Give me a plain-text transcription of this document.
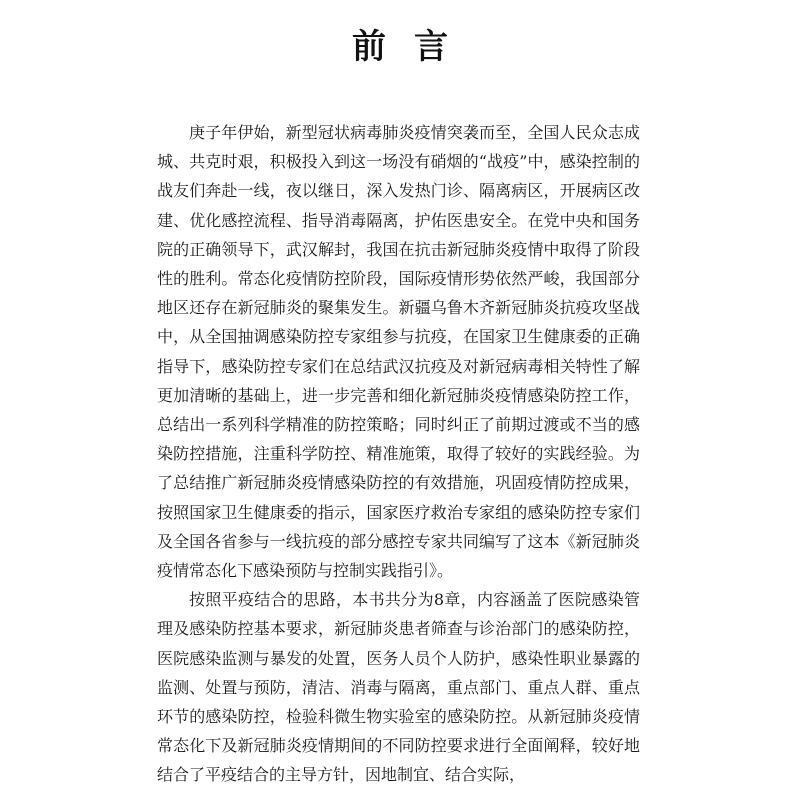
前言

庚子年伊始，新型冠状病毒肺炎疫情突袭而至，全国人民众志成城、共克时艰，积极投入到这一场没有硝烟的“战疫”中，感染控制的战友们奔赴一线，夜以继日，深入发热门诊、隔离病区，开展病区改建、优化感控流程、指导消毒隔离，护佑医患安全。在党中央和国务院的正确领导下，武汉解封，我国在抗击新冠肺炎疫情中取得了阶段性的胜利。常态化疫情防控阶段，国际疫情形势依然严峻，我国部分地区还存在新冠肺炎的聚集发生。新疆乌鲁木齐新冠肺炎抗疫攻坚战中，从全国抽调感染防控专家组参与抗疫，在国家卫生健康委的正确指导下，感染防控专家们在总结武汉抗疫及对新冠病毒相关特性了解更加清晰的基础上，进一步完善和细化新冠肺炎疫情感染防控工作，总结出一系列科学精准的防控策略；同时纠正了前期过渡或不当的感染防控措施，注重科学防控、精准施策，取得了较好的实践经验。为了总结推广新冠肺炎疫情感染防控的有效措施，巩固疫情防控成果，按照国家卫生健康委的指示，国家医疗救治专家组的感染防控专家们及全国各省参与一线抗疫的部分感控专家共同编写了这本《新冠肺炎疫情常态化下感染预防与控制实践指引》。

按照平疫结合的思路，本书共分为8章，内容涵盖了医院感染管理及感染防控基本要求，新冠肺炎患者筛查与诊治部门的感染防控，医院感染监测与暴发的处置，医务人员个人防护，感染性职业暴露的监测、处置与预防，清洁、消毒与隔离，重点部门、重点人群、重点环节的感染防控，检验科微生物实验室的感染防控。从新冠肺炎疫情常态化下及新冠肺炎疫情期间的不同防控要求进行全面阐释，较好地结合了平疫结合的主导方针，因地制宜、结合实际，
